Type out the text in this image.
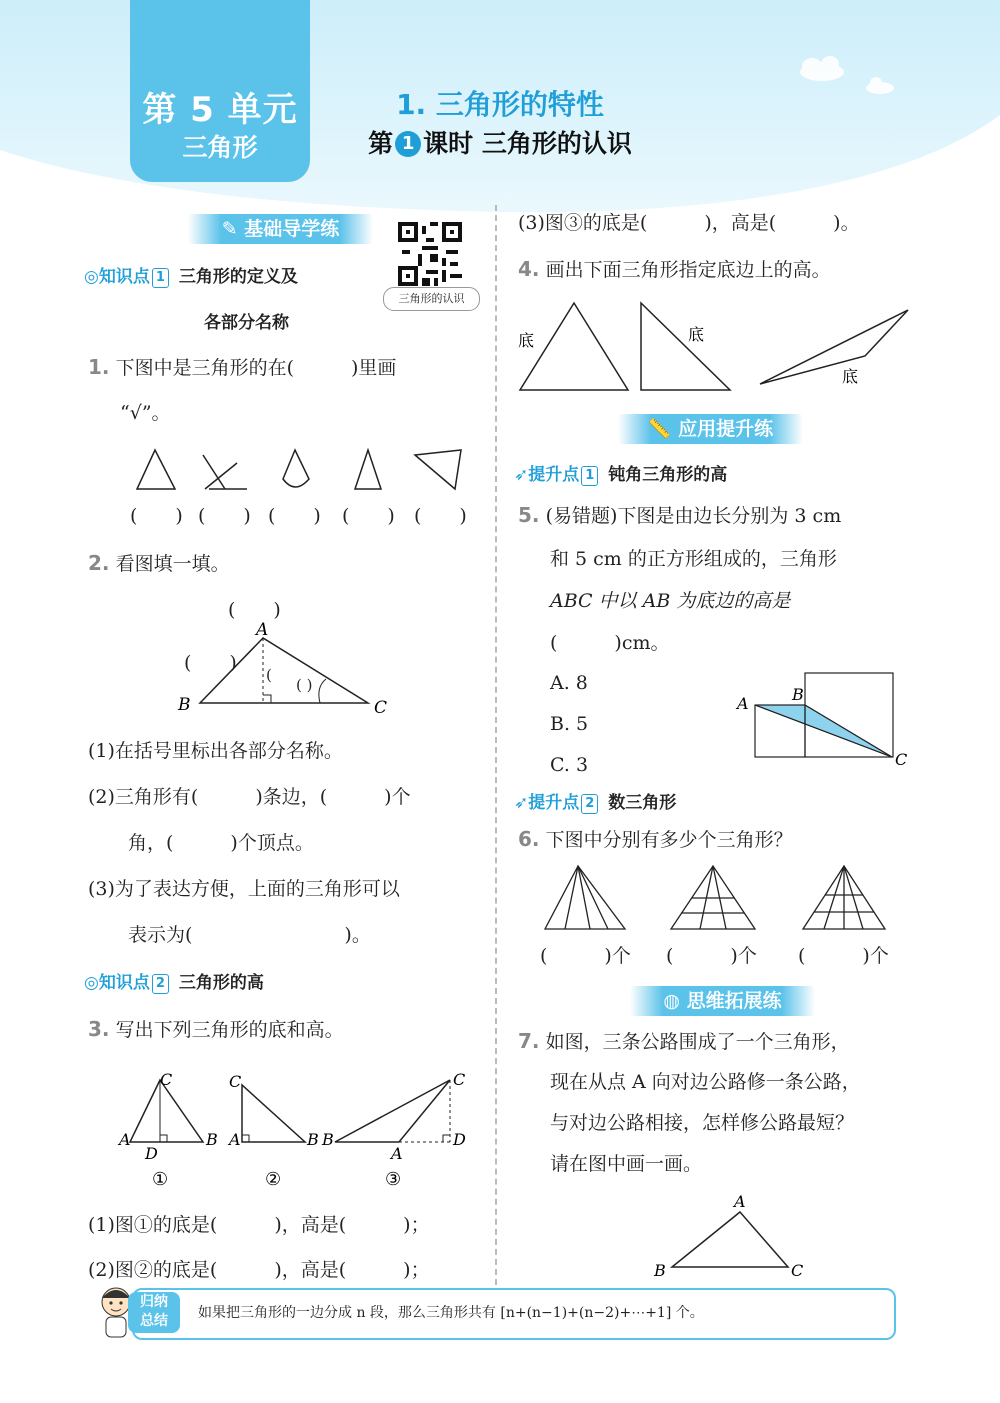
第 5 单元
三角形
1. 三角形的特性
第 1 课时 三角形的认识
✎ 基础导学练
三角形的认识
◎知识点 1 三角形的定义及
各部分名称
1. 下图中是三角形的在(　　　)里画
“√”。
(　　) (　　) (　　) (　　) (　　)
2. 看图填一填。
A
B	C
(　　)
(　　)
(
( )
(1)在括号里标出各部分名称。
(2)三角形有(　　　)条边，(　　　)个
角，(　　　)个顶点。
(3)为了表达方便，上面的三角形可以
表示为(　　　　　　　　)。
◎知识点 2 三角形的高
3. 写出下列三角形的底和高。
C
A	B
D
①
C
A	B
②
B
A
C
D
③
(1)图①的底是(　　　)，高是(　　　)；
(2)图②的底是(　　　)，高是(　　　)；
(3)图③的底是(　　　)，高是(　　　)。
4. 画出下面三角形指定底边上的高。
底	底
底
📏 应用提升练
➶提升点 1 钝角三角形的高
5. (易错题)下图是由边长分别为 3 cm
和 5 cm 的正方形组成的，三角形
ABC 中以 AB 为底边的高是
(　　　)cm。
A. 8
B. 5
C. 3
A	B
C
➶提升点 2 数三角形
6. 下图中分别有多少个三角形？
(　　　)个 (　　　)个 (　　　)个
◍ 思维拓展练
7. 如图，三条公路围成了一个三角形，
现在从点 A 向对边公路修一条公路，
与对边公路相接，怎样修公路最短？
请在图中画一画。
A
B	C
归纳
总结	如果把三角形的一边分成 n 段，那么三角形共有 [n+(n−1)+(n−2)+⋯+1] 个。
